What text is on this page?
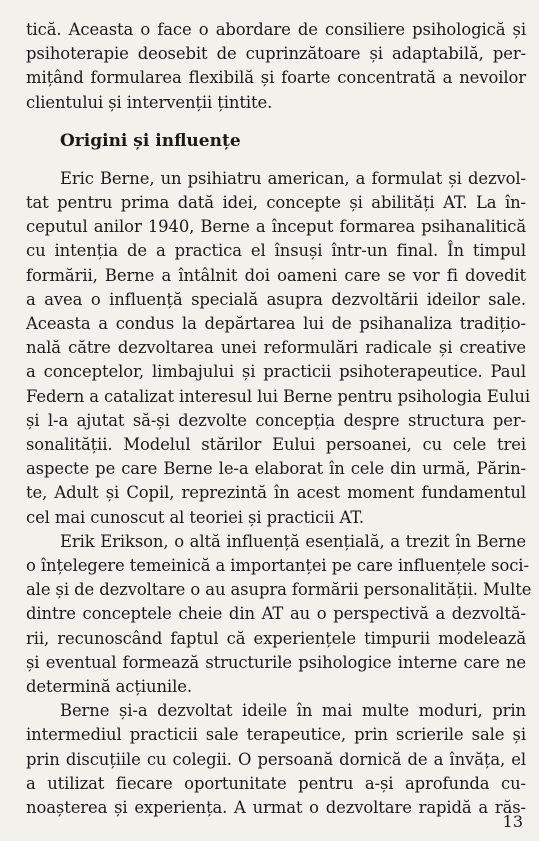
tică. Aceasta o face o abordare de consiliere psihologică și
psihoterapie deosebit de cuprinzătoare și adaptabilă, per-
mițând formularea flexibilă și foarte concentrată a nevoilor
clientului și intervenții țintite.
Origini și influențe
Eric Berne, un psihiatru american, a formulat și dezvol-
tat pentru prima dată idei, concepte și abilități AT. La în-
ceputul anilor 1940, Berne a început formarea psihanalitică
cu intenția de a practica el însuși într-un final. În timpul
formării, Berne a întâlnit doi oameni care se vor fi dovedit
a avea o influență specială asupra dezvoltării ideilor sale.
Aceasta a condus la depărtarea lui de psihanaliza tradițio-
nală către dezvoltarea unei reformulări radicale și creative
a conceptelor, limbajului și practicii psihoterapeutice. Paul
Federn a catalizat interesul lui Berne pentru psihologia Eului
și l-a ajutat să-și dezvolte concepția despre structura per-
sonalității. Modelul stărilor Eului persoanei, cu cele trei
aspecte pe care Berne le-a elaborat în cele din urmă, Părin-
te, Adult și Copil, reprezintă în acest moment fundamentul
cel mai cunoscut al teoriei și practicii AT.
Erik Erikson, o altă influență esențială, a trezit în Berne
o înțelegere temeinică a importanței pe care influențele soci-
ale și de dezvoltare o au asupra formării personalității. Multe
dintre conceptele cheie din AT au o perspectivă a dezvoltă-
rii, recunoscând faptul că experiențele timpurii modelează
și eventual formează structurile psihologice interne care ne
determină acțiunile.
Berne și-a dezvoltat ideile în mai multe moduri, prin
intermediul practicii sale terapeutice, prin scrierile sale și
prin discuțiile cu colegii. O persoană dornică de a învăța, el
a utilizat fiecare oportunitate pentru a-și aprofunda cu-
noașterea și experiența. A urmat o dezvoltare rapidă a răs-
13
